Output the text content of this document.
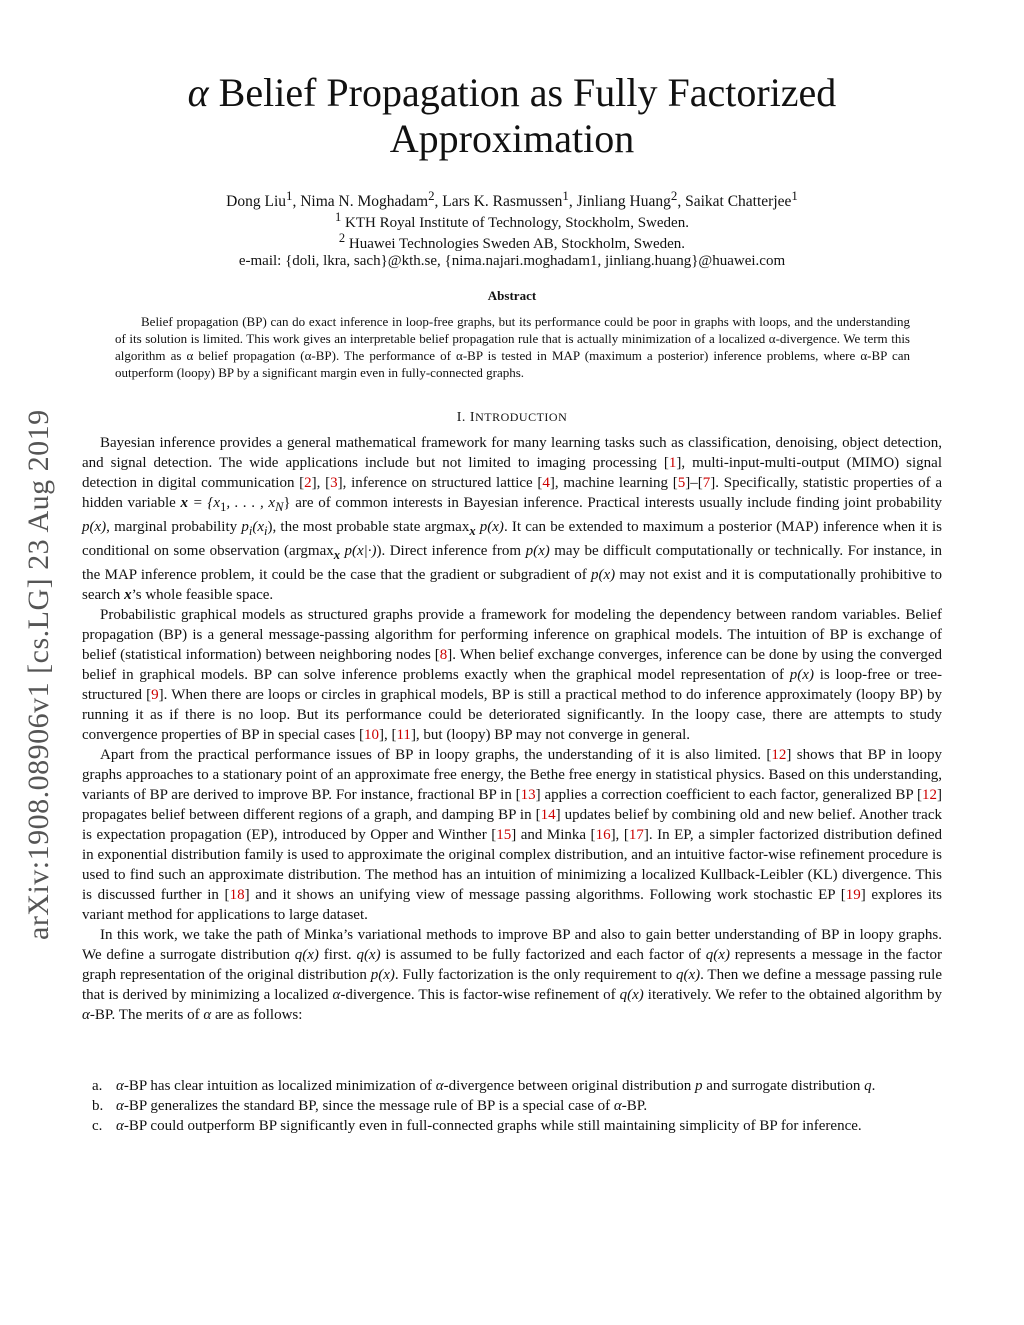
arXiv:1908.08906v1 [cs.LG] 23 Aug 2019
α Belief Propagation as Fully Factorized
Approximation
Dong Liu$^1$, Nima N. Moghadam$^2$, Lars K. Rasmussen$^1$, Jinliang Huang$^2$, Saikat Chatterjee$^1$
$^1$ KTH Royal Institute of Technology, Stockholm, Sweden.
$^2$ Huawei Technologies Sweden AB, Stockholm, Sweden.
e-mail: {doli, lkra, sach}@kth.se, {nima.najari.moghadam1, jinliang.huang}@huawei.com
Abstract

Belief propagation (BP) can do exact inference in loop-free graphs, but its performance could be poor in graphs with loops, and the understanding of its solution is limited. This work gives an interpretable belief propagation rule that is actually minimization of a localized α-divergence. We term this algorithm as α belief propagation (α-BP). The performance of α-BP is tested in MAP (maximum a posterior) inference problems, where α-BP can outperform (loopy) BP by a significant margin even in fully-connected graphs.

I. INTRODUCTION

Bayesian inference provides a general mathematical framework for many learning tasks such as classification, denoising, object detection, and signal detection. The wide applications include but not limited to imaging processing [1], multi-input-multi-output (MIMO) signal detection in digital communication [2], [3], inference on structured lattice [4], machine learning [5]–[7]. Specifically, statistic properties of a hidden variable $x = \{x_1$, . . . , $x_N$} are of common interests in Bayesian inference. Practical interests usually include finding joint probability p(x), marginal probability $p_i(x_i)$, the most probable state argmax$_x$ p(x). It can be extended to maximum a posterior (MAP) inference when it is conditional on some observation (argmax$_x$ p(x|·)). Direct inference from p(x) may be difficult computationally or technically. For instance, in the MAP inference problem, it could be the case that the gradient or subgradient of p(x) may not exist and it is computationally prohibitive to search x’s whole feasible space.

Probabilistic graphical models as structured graphs provide a framework for modeling the dependency between random variables. Belief propagation (BP) is a general message-passing algorithm for performing inference on graphical models. The intuition of BP is exchange of belief (statistical information) between neighboring nodes [8]. When belief exchange converges, inference can be done by using the converged belief in graphical models. BP can solve inference problems exactly when the graphical model representation of p(x) is loop-free or tree-structured [9]. When there are loops or circles in graphical models, BP is still a practical method to do inference approximately (loopy BP) by running it as if there is no loop. But its performance could be deteriorated significantly. In the loopy case, there are attempts to study convergence properties of BP in special cases [10], [11], but (loopy) BP may not converge in general.

Apart from the practical performance issues of BP in loopy graphs, the understanding of it is also limited. [12] shows that BP in loopy graphs approaches to a stationary point of an approximate free energy, the Bethe free energy in statistical physics. Based on this understanding, variants of BP are derived to improve BP. For instance, fractional BP in [13] applies a correction coefficient to each factor, generalized BP [12] propagates belief between different regions of a graph, and damping BP in [14] updates belief by combining old and new belief. Another track is expectation propagation (EP), introduced by Opper and Winther [15] and Minka [16], [17]. In EP, a simpler factorized distribution defined in exponential distribution family is used to approximate the original complex distribution, and an intuitive factor-wise refinement procedure is used to find such an approximate distribution. The method has an intuition of minimizing a localized Kullback-Leibler (KL) divergence. This is discussed further in [18] and it shows an unifying view of message passing algorithms. Following work stochastic EP [19] explores its variant method for applications to large dataset.

In this work, we take the path of Minka’s variational methods to improve BP and also to gain better understanding of BP in loopy graphs. We define a surrogate distribution q(x) first. q(x) is assumed to be fully factorized and each factor of q(x) represents a message in the factor graph representation of the original distribution p(x). Fully factorization is the only requirement to q(x). Then we define a message passing rule that is derived by minimizing a localized α-divergence. This is factor-wise refinement of q(x) iteratively. We refer to the obtained algorithm by α-BP. The merits of α are as follows:

a. α-BP has clear intuition as localized minimization of α-divergence between original distribution p and surrogate distribution q.
b. α-BP generalizes the standard BP, since the message rule of BP is a special case of α-BP.
c. α-BP could outperform BP significantly even in full-connected graphs while still maintaining simplicity of BP for inference.
